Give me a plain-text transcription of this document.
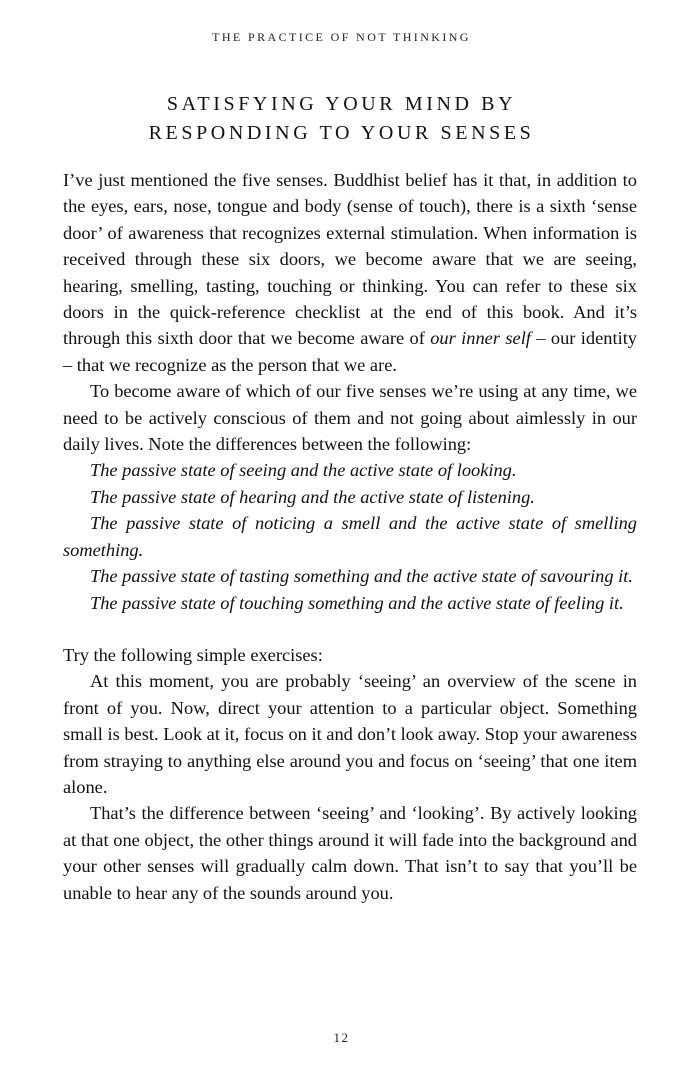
THE PRACTICE OF NOT THINKING
SATISFYING YOUR MIND BY
RESPONDING TO YOUR SENSES

I’ve just mentioned the five senses. Buddhist belief has it that, in addition to the eyes, ears, nose, tongue and body (sense of touch), there is a sixth ‘sense door’ of awareness that recognizes external stimulation. When information is received through these six doors, we become aware that we are seeing, hearing, smelling, tasting, touching or thinking. You can refer to these six doors in the quick-reference checklist at the end of this book. And it’s through this sixth door that we become aware of our inner self – our identity – that we recognize as the person that we are.

To become aware of which of our five senses we’re using at any time, we need to be actively conscious of them and not going about aimlessly in our daily lives. Note the differences between the following:

The passive state of seeing and the active state of looking.

The passive state of hearing and the active state of listening.

The passive state of noticing a smell and the active state of smelling something.

The passive state of tasting something and the active state of savouring it.

The passive state of touching something and the active state of feeling it.

Try the following simple exercises:

At this moment, you are probably ‘seeing’ an overview of the scene in front of you. Now, direct your attention to a particular object. Something small is best. Look at it, focus on it and don’t look away. Stop your awareness from straying to anything else around you and focus on ‘seeing’ that one item alone.

That’s the difference between ‘seeing’ and ‘looking’. By actively looking at that one object, the other things around it will fade into the background and your other senses will gradually calm down. That isn’t to say that you’ll be unable to hear any of the sounds around you.

12
